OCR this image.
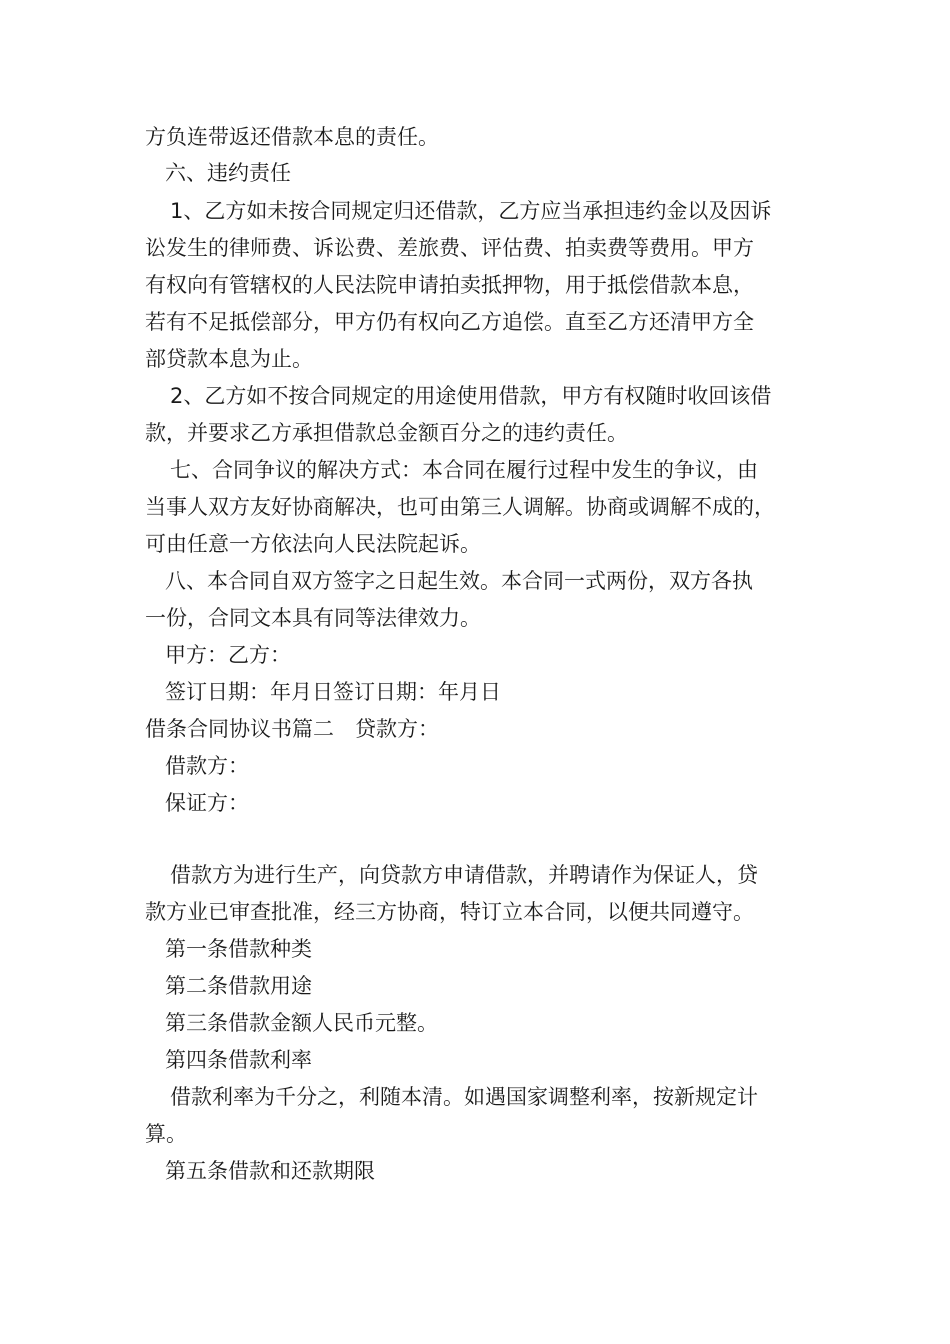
方负连带返还借款本息的责任。
六、违约责任
1、乙方如未按合同规定归还借款，乙方应当承担违约金以及因诉
讼发生的律师费、诉讼费、差旅费、评估费、拍卖费等费用。甲方
有权向有管辖权的人民法院申请拍卖抵押物，用于抵偿借款本息，
若有不足抵偿部分，甲方仍有权向乙方追偿。直至乙方还清甲方全
部贷款本息为止。
2、乙方如不按合同规定的用途使用借款，甲方有权随时收回该借
款，并要求乙方承担借款总金额百分之的违约责任。
七、合同争议的解决方式：本合同在履行过程中发生的争议，由
当事人双方友好协商解决，也可由第三人调解。协商或调解不成的，
可由任意一方依法向人民法院起诉。
八、本合同自双方签字之日起生效。本合同一式两份，双方各执
一份，合同文本具有同等法律效力。
甲方：乙方：
签订日期：年月日签订日期：年月日
借条合同协议书篇二　贷款方：
借款方：
保证方：
借款方为进行生产，向贷款方申请借款，并聘请作为保证人，贷
款方业已审查批准，经三方协商，特订立本合同，以便共同遵守。
第一条借款种类
第二条借款用途
第三条借款金额人民币元整。
第四条借款利率
借款利率为千分之，利随本清。如遇国家调整利率，按新规定计
算。
第五条借款和还款期限
